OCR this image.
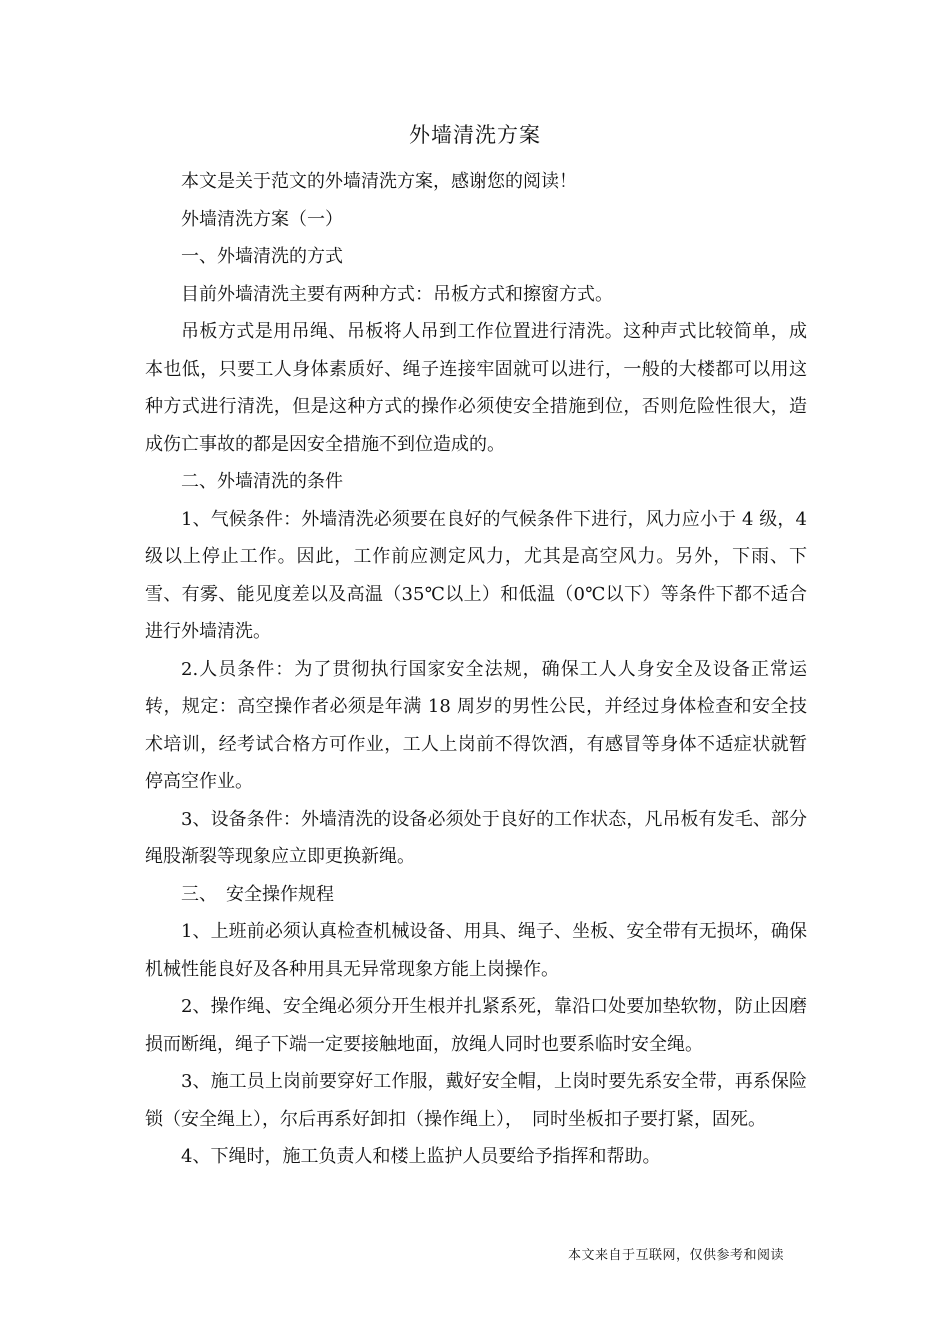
外墙清洗方案

本文是关于范文的外墙清洗方案，感谢您的阅读！

外墙清洗方案（一）

一、外墙清洗的方式

目前外墙清洗主要有两种方式：吊板方式和擦窗方式。

吊板方式是用吊绳、吊板将人吊到工作位置进行清洗。这种声式比较简单，成本也低，只要工人身体素质好、绳子连接牢固就可以进行，一般的大楼都可以用这种方式进行清洗，但是这种方式的操作必须使安全措施到位，否则危险性很大，造成伤亡事故的都是因安全措施不到位造成的。

二、外墙清洗的条件

1、气候条件：外墙清洗必须要在良好的气候条件下进行，风力应小于 4 级，4 级以上停止工作。因此，工作前应测定风力，尤其是高空风力。另外，下雨、下雪、有雾、能见度差以及高温（35℃以上）和低温（0℃以下）等条件下都不适合进行外墙清洗。

2.人员条件：为了贯彻执行国家安全法规，确保工人人身安全及设备正常运转，规定：高空操作者必须是年满 18 周岁的男性公民，并经过身体检查和安全技术培训，经考试合格方可作业，工人上岗前不得饮酒，有感冒等身体不适症状就暂停高空作业。

3、设备条件：外墙清洗的设备必须处于良好的工作状态，凡吊板有发毛、部分绳股渐裂等现象应立即更换新绳。

三、　安全操作规程

1、上班前必须认真检查机械设备、用具、绳子、坐板、安全带有无损坏，确保机械性能良好及各种用具无异常现象方能上岗操作。

2、操作绳、安全绳必须分开生根并扎紧系死，靠沿口处要加垫软物，防止因磨损而断绳，绳子下端一定要接触地面，放绳人同时也要系临时安全绳。

3、施工员上岗前要穿好工作服，戴好安全帽，上岗时要先系安全带，再系保险锁（安全绳上），尔后再系好卸扣（操作绳上），　同时坐板扣子要打紧，固死。

4、下绳时，施工负责人和楼上监护人员要给予指挥和帮助。

本文来自于互联网，仅供参考和阅读
